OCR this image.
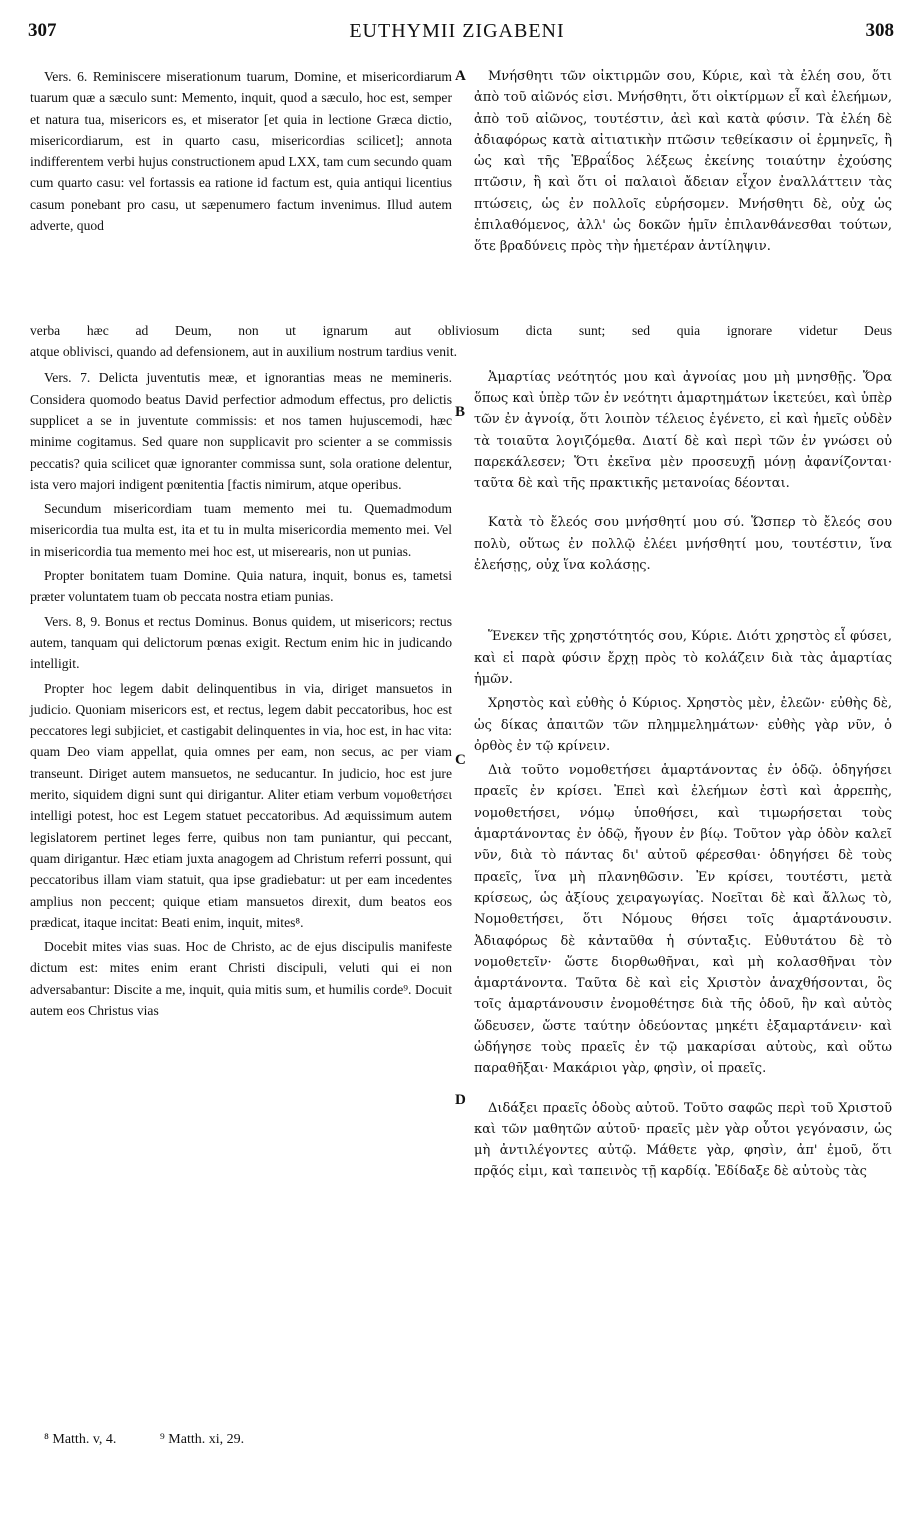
307	EUTHYMII ZIGABENI	308
A
B
C
D

Vers. 6. Reminiscere miserationum tuarum, Domine, et misericordiarum tuarum quæ a sæculo sunt: Memento, inquit, quod a sæculo, hoc est, semper et natura tua, misericors es, et miserator [et quia in lectione Græca dictio, misericordiarum, est in quarto casu, misericordias scilicet]; annota indifferentem verbi hujus constructionem apud LXX, tam cum secundo quam cum quarto casu: vel fortassis ea ratione id factum est, quia antiqui licentius casum ponebant pro casu, ut sæpenumero factum invenimus. Illud autem adverte, quod

Vers. 7. Delicta juventutis meæ, et ignorantias meas ne memineris. Considera quomodo beatus David perfectior admodum effectus, pro delictis supplicet a se in juventute commissis: et nos tamen hujuscemodi, hæc minime cogitamus. Sed quare non supplicavit pro scienter a se commissis peccatis? quia scilicet quæ ignoranter commissa sunt, sola oratione delentur, ista vero majori indigent pœnitentia [factis nimirum, atque operibus.

Secundum misericordiam tuam memento mei tu. Quemadmodum misericordia tua multa est, ita et tu in multa misericordia memento mei. Vel in misericordia tua memento mei hoc est, ut miserearis, non ut punias.

Propter bonitatem tuam Domine. Quia natura, inquit, bonus es, tametsi præter voluntatem tuam ob peccata nostra etiam punias.

Vers. 8, 9. Bonus et rectus Dominus. Bonus quidem, ut misericors; rectus autem, tanquam qui delictorum pœnas exigit. Rectum enim hic in judicando intelligit.

Propter hoc legem dabit delinquentibus in via, diriget mansuetos in judicio. Quoniam misericors est, et rectus, legem dabit peccatoribus, hoc est peccatores legi subjiciet, et castigabit delinquentes in via, hoc est, in hac vita: quam Deo viam appellat, quia omnes per eam, non secus, ac per viam transeunt. Diriget autem mansuetos, ne seducantur. In judicio, hoc est jure merito, siquidem digni sunt qui dirigantur. Aliter etiam verbum νομοθετήσει intelligi potest, hoc est Legem statuet peccatoribus. Ad æquissimum autem legislatorem pertinet leges ferre, quibus non tam puniantur, qui peccant, quam dirigantur. Hæc etiam juxta anagogem ad Christum referri possunt, qui peccatoribus illam viam statuit, qua ipse gradiebatur: ut per eam incedentes amplius non peccent; quique etiam mansuetos direxit, dum beatos eos prædicat, itaque incitat: Beati enim, inquit, mites⁸.

Docebit mites vias suas. Hoc de Christo, ac de ejus discipulis manifeste dictum est: mites enim erant Christi discipuli, veluti qui ei non adversabantur: Discite a me, inquit, quia mitis sum, et humilis corde⁹. Docuit autem eos Christus vias

verba hæc ad Deum, non ut ignarum aut obliviosum dicta sunt; sed quia ignorare videtur Deus
atque oblivisci, quando ad defensionem, aut in auxilium nostrum tardius venit.

Μνήσθητι τῶν οἰκτιρμῶν σου, Κύριε, καὶ τὰ ἐλέη σου, ὅτι ἀπὸ τοῦ αἰῶνός εἰσι. Μνήσθητι, ὅτι οἰκτίρμων εἶ καὶ ἐλεήμων, ἀπὸ τοῦ αἰῶνος, τουτέστιν, ἀεὶ καὶ κατὰ φύσιν. Τὰ ἐλέη δὲ ἀδιαφόρως κατὰ αἰτιατικὴν πτῶσιν τεθείκασιν οἱ ἑρμηνεῖς, ἢ ὡς καὶ τῆς Ἑβραΐδος λέξεως ἐκείνης τοιαύτην ἐχούσης πτῶσιν, ἢ καὶ ὅτι οἱ παλαιοὶ ἄδειαν εἶχον ἐναλλάττειν τὰς πτώσεις, ὡς ἐν πολλοῖς εὑρήσομεν. Μνήσθητι δὲ, οὐχ ὡς ἐπιλαθόμενος, ἀλλ' ὡς δοκῶν ἡμῖν ἐπιλανθάνεσθαι τούτων, ὅτε βραδύνεις πρὸς τὴν ἡμετέραν ἀντίληψιν.

Ἁμαρτίας νεότητός μου καὶ ἀγνοίας μου μὴ μνησθῇς. Ὅρα ὅπως καὶ ὑπὲρ τῶν ἐν νεότητι ἁμαρτημάτων ἱκετεύει, καὶ ὑπὲρ τῶν ἐν ἀγνοίᾳ, ὅτι λοιπὸν τέλειος ἐγένετο, εἰ καὶ ἡμεῖς οὐδὲν τὰ τοιαῦτα λογιζόμεθα. Διατί δὲ καὶ περὶ τῶν ἐν γνώσει οὐ παρεκάλεσεν; Ὅτι ἐκεῖνα μὲν προσευχῇ μόνῃ ἀφανίζονται· ταῦτα δὲ καὶ τῆς πρακτικῆς μετανοίας δέονται.

Κατὰ τὸ ἔλεός σου μνήσθητί μου σύ. Ὥσπερ τὸ ἔλεός σου πολὺ, οὕτως ἐν πολλῷ ἐλέει μνήσθητί μου, τουτέστιν, ἵνα ἐλεήσῃς, οὐχ ἵνα κολάσῃς.

Ἕνεκεν τῆς χρηστότητός σου, Κύριε. Διότι χρηστὸς εἶ φύσει, καὶ εἰ παρὰ φύσιν ἔρχῃ πρὸς τὸ κολάζειν διὰ τὰς ἁμαρτίας ἡμῶν.

Χρηστὸς καὶ εὐθὴς ὁ Κύριος. Χρηστὸς μὲν, ἐλεῶν· εὐθὴς δὲ, ὡς δίκας ἀπαιτῶν τῶν πλημμελημάτων· εὐθὴς γὰρ νῦν, ὁ ὀρθὸς ἐν τῷ κρίνειν.

Διὰ τοῦτο νομοθετήσει ἁμαρτάνοντας ἐν ὁδῷ. ὁδηγήσει πραεῖς ἐν κρίσει. Ἐπεὶ καὶ ἐλεήμων ἐστὶ καὶ ἀρρεπὴς, νομοθετήσει, νόμῳ ὑποθήσει, καὶ τιμωρήσεται τοὺς ἁμαρτάνοντας ἐν ὁδῷ, ἤγουν ἐν βίῳ. Τοῦτον γὰρ ὁδὸν καλεῖ νῦν, διὰ τὸ πάντας δι' αὐτοῦ φέρεσθαι· ὁδηγήσει δὲ τοὺς πραεῖς, ἵνα μὴ πλανηθῶσιν. Ἐν κρίσει, τουτέστι, μετὰ κρίσεως, ὡς ἀξίους χειραγωγίας. Νοεῖται δὲ καὶ ἄλλως τὸ, Νομοθετήσει, ὅτι Νόμους θήσει τοῖς ἁμαρτάνουσιν. Ἀδιαφόρως δὲ κἀνταῦθα ἡ σύνταξις. Εὐθυτάτου δὲ τὸ νομοθετεῖν· ὥστε διορθωθῆναι, καὶ μὴ κολασθῆναι τὸν ἁμαρτάνοντα. Ταῦτα δὲ καὶ εἰς Χριστὸν ἀναχθήσονται, ὃς τοῖς ἁμαρτάνουσιν ἐνομοθέτησε διὰ τῆς ὁδοῦ, ἣν καὶ αὐτὸς ὥδευσεν, ὥστε ταύτην ὁδεύοντας μηκέτι ἐξαμαρτάνειν· καὶ ὡδήγησε τοὺς πραεῖς ἐν τῷ μακαρίσαι αὐτοὺς, καὶ οὕτω παραθῆξαι· Μακάριοι γὰρ, φησὶν, οἱ πραεῖς.

Διδάξει πραεῖς ὁδοὺς αὐτοῦ. Τοῦτο σαφῶς περὶ τοῦ Χριστοῦ καὶ τῶν μαθητῶν αὐτοῦ· πραεῖς μὲν γὰρ οὗτοι γεγόνασιν, ὡς μὴ ἀντιλέγοντες αὐτῷ. Μάθετε γὰρ, φησὶν, ἀπ' ἐμοῦ, ὅτι πρᾷός εἰμι, καὶ ταπεινὸς τῇ καρδίᾳ. Ἐδίδαξε δὲ αὐτοὺς τὰς

⁸ Matth. v, 4.	⁹ Matth. xi, 29.
